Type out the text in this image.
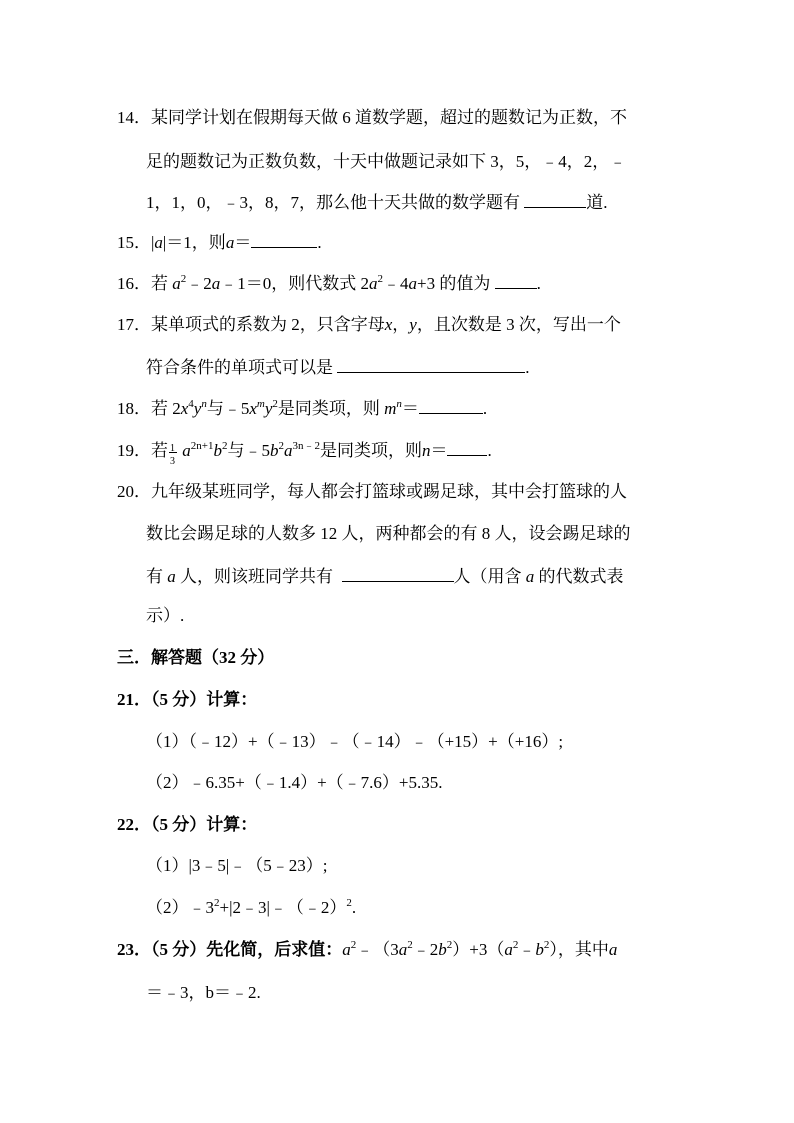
14．某同学计划在假期每天做 6 道数学题，超过的题数记为正数，不
足的题数记为正数负数，十天中做题记录如下 3，5，﹣4，2，﹣
1，1，0，﹣3，8，7，那么他十天共做的数学题有	道.
15．|a|＝1，则a＝	.
16．若 $a^2﹣2a﹣1=0$，则代数式 $2a^2﹣4a+3$ 的值为	.
17．某单项式的系数为 2，只含字母x，y，且次数是 3 次，写出一个
符合条件的单项式可以是	.
18．若 $2x^4y^n$与$﹣5x^my^2$是同类项，则 $m^n=$	.
19．若 1
3
$a^{2n+1}b^2$与$﹣5b^2a^{3n﹣2}$是同类项，则n＝ .
20．九年级某班同学，每人都会打篮球或踢足球，其中会打篮球的人
数比会踢足球的人数多 12 人，两种都会的有 8 人，设会踢足球的
有 a 人，则该班同学共有	人（用含 a 的代数式表
示）.
三．解答题（32 分）
21．（5 分）计算：
（1）（﹣12）+（﹣13）﹣（﹣14）﹣（+15）+（+16）;
（2）﹣6.35+（﹣1.4）+（﹣7.6）+5.35.
22．（5 分）计算：
（1）|3﹣5|﹣（5﹣23）;
$(2)﹣3^2+|2﹣3|﹣(﹣2)^2$.
23．（5 分）先化简，后求值：$a^2﹣(3a^2﹣2b^2)+3(a^2﹣b^2)$，其中a
＝﹣3，b＝﹣2.
